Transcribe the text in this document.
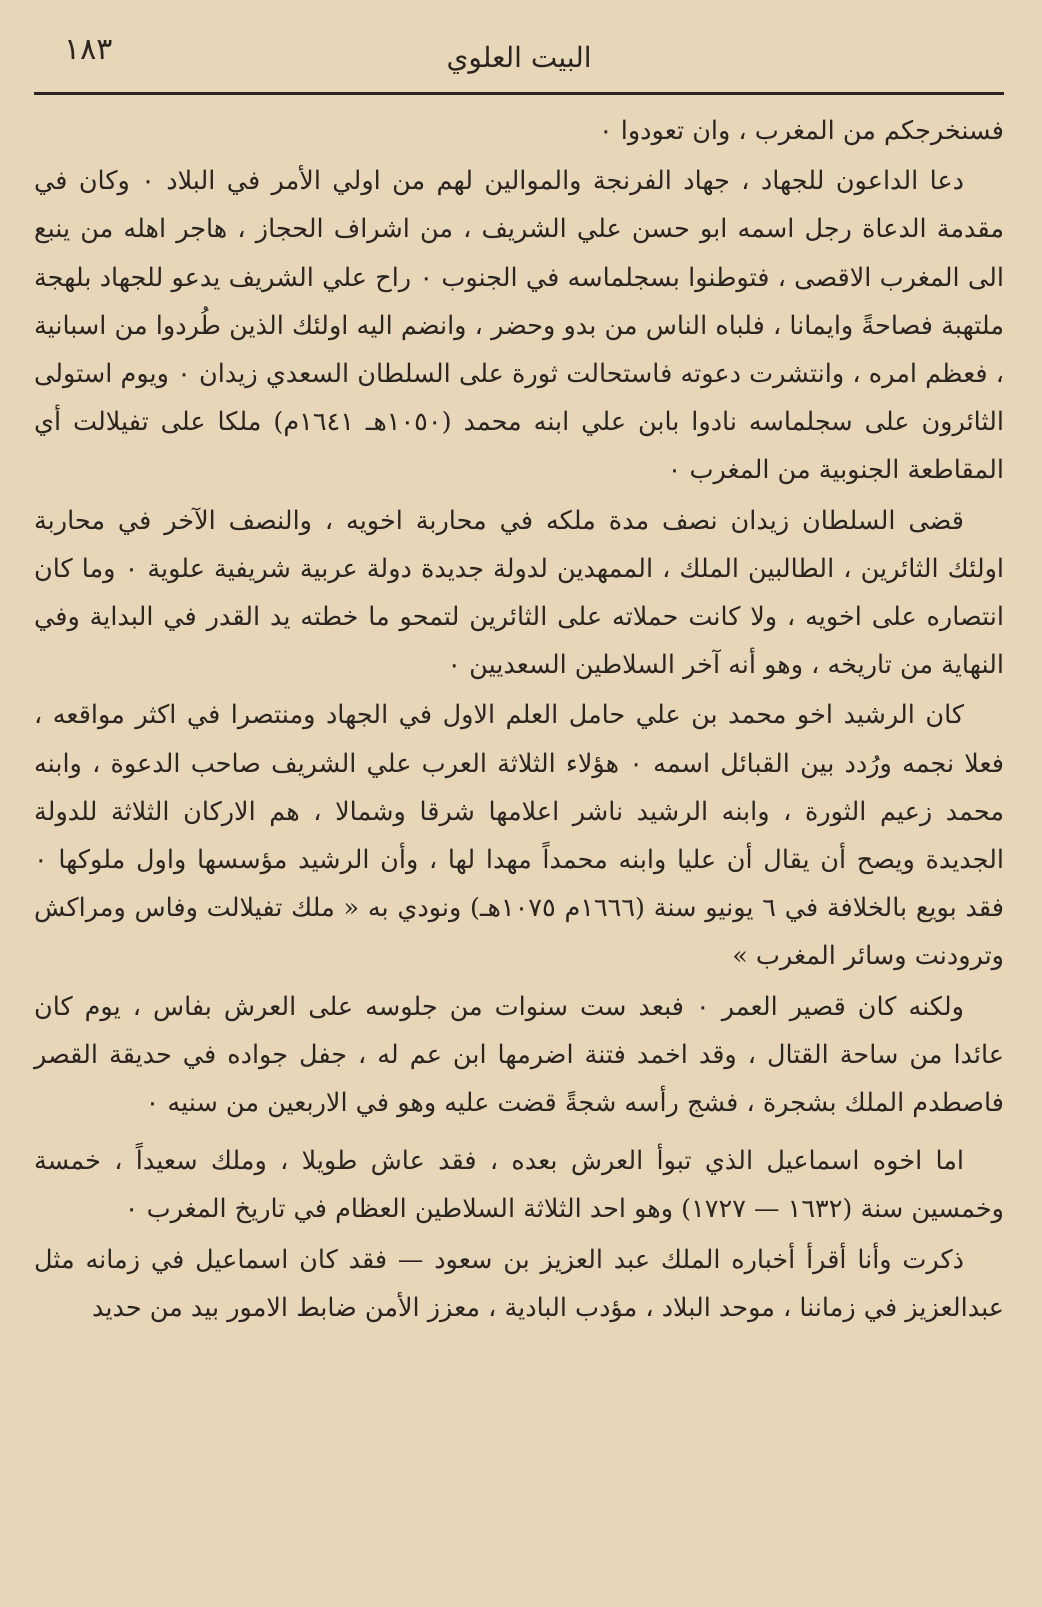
١٨٣	البيت العلوي

فسنخرجكم من المغرب ، وان تعودوا ٠

دعا الداعون للجهاد ، جهاد الفرنجة والموالين لهم من اولي الأمر في البلاد ٠ وكان في مقدمة الدعاة رجل اسمه ابو حسن علي الشريف ، من اشراف الحجاز ، هاجر اهله من ينبع الى المغرب الاقصى ، فتوطنوا بسجلماسه في الجنوب ٠ راح علي الشريف يدعو للجهاد بلهجة ملتهبة فصاحةً وايمانا ، فلباه الناس من بدو وحضر ، وانضم اليه اولئك الذين طُردوا من اسبانية ، فعظم امره ، وانتشرت دعوته فاستحالت ثورة على السلطان السعدي زيدان ٠ ويوم استولى الثائرون على سجلماسه نادوا بابن علي ابنه محمد (١٠٥٠هـ ١٦٤١م) ملكا على تفيلالت أي المقاطعة الجنوبية من المغرب ٠

قضى السلطان زيدان نصف مدة ملكه في محاربة اخويه ، والنصف الآخر في محاربة اولئك الثائرين ، الطالبين الملك ، الممهدين لدولة جديدة دولة عربية شريفية علوية ٠ وما كان انتصاره على اخويه ، ولا كانت حملاته على الثائرين لتمحو ما خطته يد القدر في البداية وفي النهاية من تاريخه ، وهو أنه آخر السلاطين السعديين ٠

كان الرشيد اخو محمد بن علي حامل العلم الاول في الجهاد ومنتصرا في اكثر مواقعه ، فعلا نجمه ورُدد بين القبائل اسمه ٠ هؤلاء الثلاثة العرب علي الشريف صاحب الدعوة ، وابنه محمد زعيم الثورة ، وابنه الرشيد ناشر اعلامها شرقا وشمالا ، هم الاركان الثلاثة للدولة الجديدة ويصح أن يقال أن عليا وابنه محمداً مهدا لها ، وأن الرشيد مؤسسها واول ملوكها ٠ فقد بويع بالخلافة في ٦ يونيو سنة (١٦٦٦م ١٠٧٥هـ) ونودي به « ملك تفيلالت وفاس ومراكش وترودنت وسائر المغرب »

ولكنه كان قصير العمر ٠ فبعد ست سنوات من جلوسه على العرش بفاس ، يوم كان عائدا من ساحة القتال ، وقد اخمد فتنة اضرمها ابن عم له ، جفل جواده في حديقة القصر فاصطدم الملك بشجرة ، فشج رأسه شجةً قضت عليه وهو في الاربعين من سنيه ٠

اما اخوه اسماعيل الذي تبوأ العرش بعده ، فقد عاش طويلا ، وملك سعيداً ، خمسة وخمسين سنة (١٦٣٢ — ١٧٢٧) وهو احد الثلاثة السلاطين العظام في تاريخ المغرب ٠

ذكرت وأنا أقرأ أخباره الملك عبد العزيز بن سعود — فقد كان اسماعيل في زمانه مثل عبدالعزيز في زماننا ، موحد البلاد ، مؤدب البادية ، معزز الأمن ضابط الامور بيد من حديد
